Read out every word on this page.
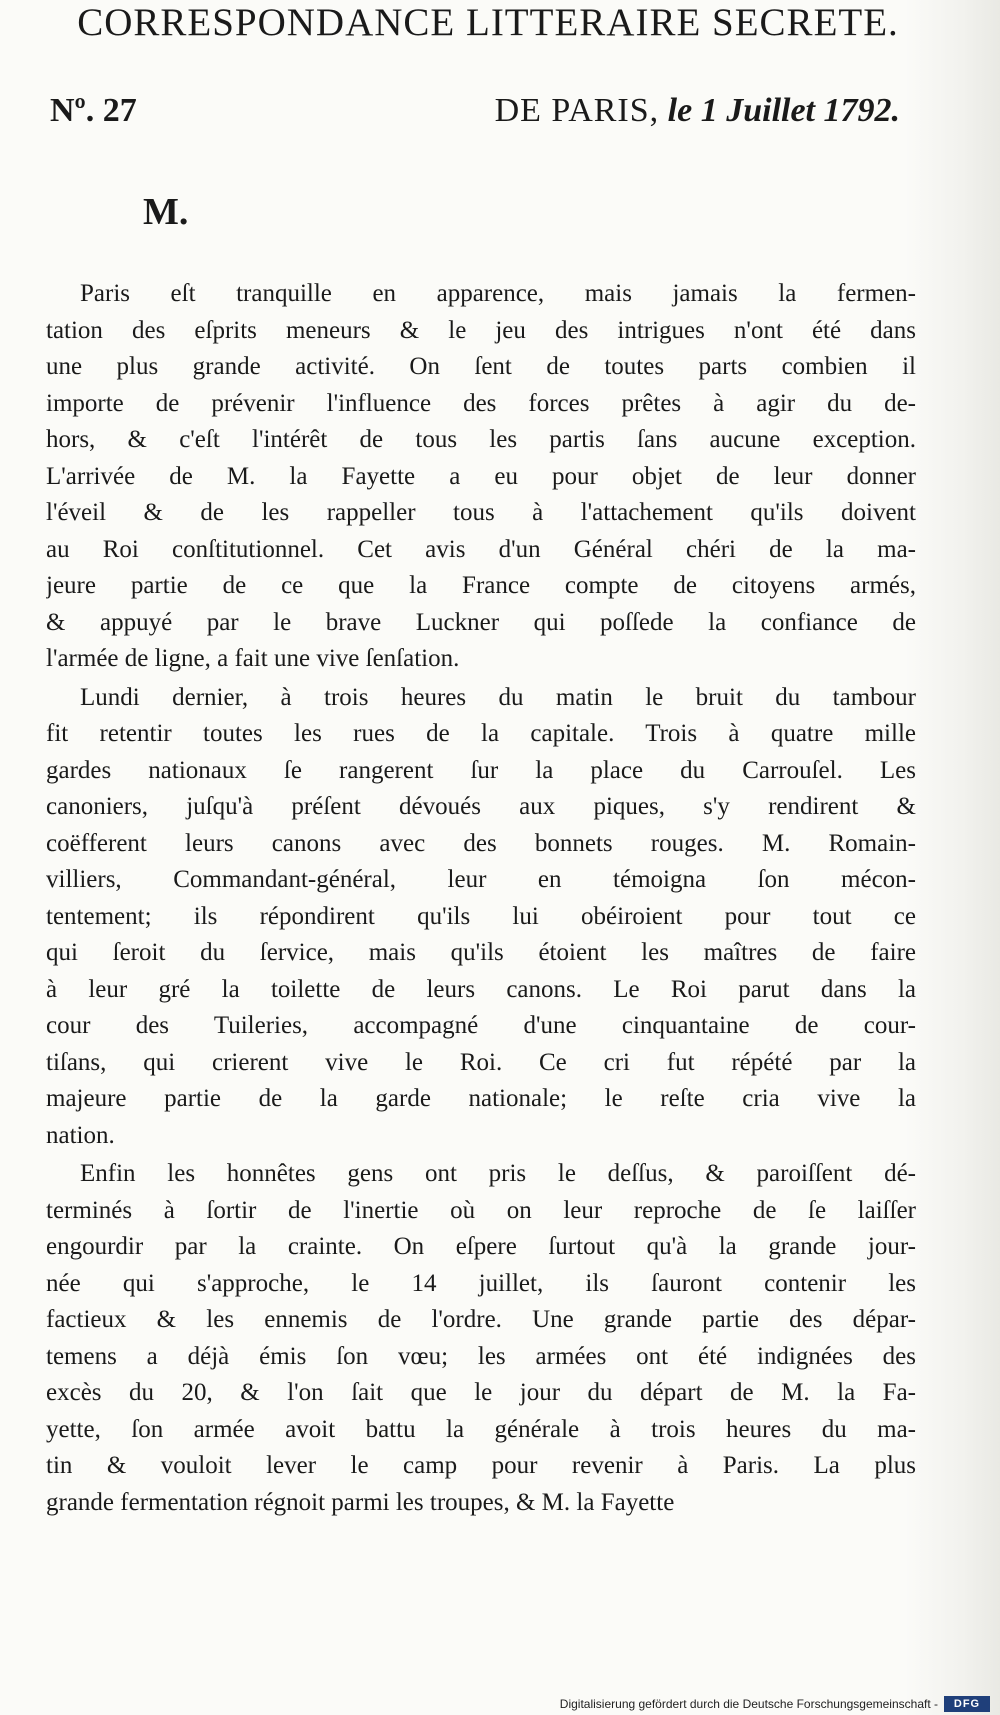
CORRESPONDANCE LITTERAIRE SECRETE.
Nº. 27	DE PARIS, le 1 Juillet 1792.
M.
Paris eſt tranquille en apparence, mais jamais la fermen-
tation des eſprits meneurs & le jeu des intrigues n'ont été dans
une plus grande activité. On ſent de toutes parts combien il
importe de prévenir l'influence des forces prêtes à agir du de-
hors, & c'eſt l'intérêt de tous les partis ſans aucune exception.
L'arrivée de M. la Fayette a eu pour objet de leur donner
l'éveil & de les rappeller tous à l'attachement qu'ils doivent
au Roi conſtitutionnel. Cet avis d'un Général chéri de la ma-
jeure partie de ce que la France compte de citoyens armés,
& appuyé par le brave Luckner qui poſſede la confiance de
l'armée de ligne, a fait une vive ſenſation.
Lundi dernier, à trois heures du matin le bruit du tambour
fit retentir toutes les rues de la capitale. Trois à quatre mille
gardes nationaux ſe rangerent ſur la place du Carrouſel. Les
canoniers, juſqu'à préſent dévoués aux piques, s'y rendirent &
coëfferent leurs canons avec des bonnets rouges. M. Romain-
villiers, Commandant-général, leur en témoigna ſon mécon-
tentement; ils répondirent qu'ils lui obéiroient pour tout ce
qui ſeroit du ſervice, mais qu'ils étoient les maîtres de faire
à leur gré la toilette de leurs canons. Le Roi parut dans la
cour des Tuileries, accompagné d'une cinquantaine de cour-
tiſans, qui crierent vive le Roi. Ce cri fut répété par la
majeure partie de la garde nationale; le reſte cria vive la
nation.
Enfin les honnêtes gens ont pris le deſſus, & paroiſſent dé-
terminés à ſortir de l'inertie où on leur reproche de ſe laiſſer
engourdir par la crainte. On eſpere ſurtout qu'à la grande jour-
née qui s'approche, le 14 juillet, ils ſauront contenir les
factieux & les ennemis de l'ordre. Une grande partie des dépar-
temens a déjà émis ſon vœu; les armées ont été indignées des
excès du 20, & l'on ſait que le jour du départ de M. la Fa-
yette, ſon armée avoit battu la générale à trois heures du ma-
tin & vouloit lever le camp pour revenir à Paris. La plus
grande fermentation régnoit parmi les troupes, & M. la Fayette
Digitalisierung gefördert durch die Deutsche Forschungsgemeinschaft -	DFG
